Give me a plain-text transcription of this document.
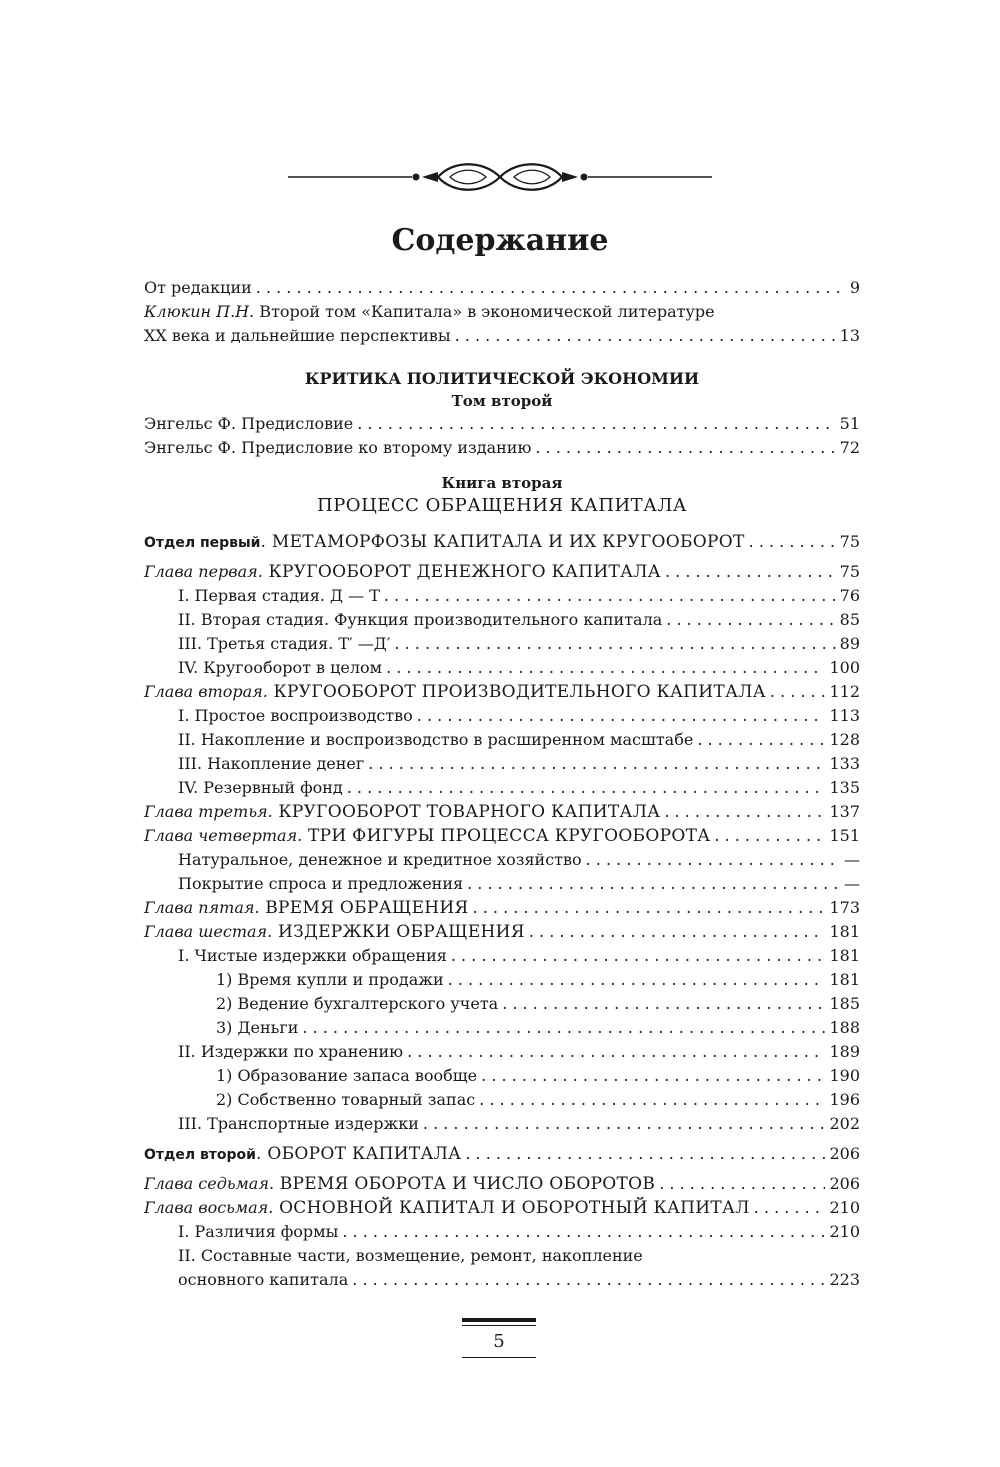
Содержание
От редакции . . .	9
Клюкин П.Н. Второй том «Капитала» в экономической литературе
XX века и дальнейшие перспективы . . .	13
КРИТИКА ПОЛИТИЧЕСКОЙ ЭКОНОМИИ
Том второй
Энгельс Ф. Предисловие . . .	51
Энгельс Ф. Предисловие ко второму изданию . . .	72
Книга вторая
ПРОЦЕСС ОБРАЩЕНИЯ КАПИТАЛА
Отдел первый. МЕТАМОРФОЗЫ КАПИТАЛА И ИХ КРУГООБОРОТ . . .	75
Глава первая. КРУГООБОРОТ ДЕНЕЖНОГО КАПИТАЛА . . .	75
I. Первая стадия. Д — Т . . .	76
II. Вторая стадия. Функция производительного капитала . . .	85
III. Третья стадия. Т′ —Д′ . . .	89
IV. Кругооборот в целом . . .	100
Глава вторая. КРУГООБОРОТ ПРОИЗВОДИТЕЛЬНОГО КАПИТАЛА . . .	112
I. Простое воспроизводство . . .	113
II. Накопление и воспроизводство в расширенном масштабе . . .	128
III. Накопление денег . . .	133
IV. Резервный фонд . . .	135
Глава третья. КРУГООБОРОТ ТОВАРНОГО КАПИТАЛА . . .	137
Глава четвертая. ТРИ ФИГУРЫ ПРОЦЕССА КРУГООБОРОТА . . .	151
Натуральное, денежное и кредитное хозяйство . . .	—
Покрытие спроса и предложения . . .	—
Глава пятая. ВРЕМЯ ОБРАЩЕНИЯ . . .	173
Глава шестая. ИЗДЕРЖКИ ОБРАЩЕНИЯ . . .	181
I. Чистые издержки обращения . . .	181
1) Время купли и продажи . . .	181
2) Ведение бухгалтерского учета . . .	185
3) Деньги . . .	188
II. Издержки по хранению . . .	189
1) Образование запаса вообще . . .	190
2) Собственно товарный запас . . .	196
III. Транспортные издержки . . .	202
Отдел второй. ОБОРОТ КАПИТАЛА . . .	206
Глава седьмая. ВРЕМЯ ОБОРОТА И ЧИСЛО ОБОРОТОВ . . .	206
Глава восьмая. ОСНОВНОЙ КАПИТАЛ И ОБОРОТНЫЙ КАПИТАЛ . . .	210
I. Различия формы . . .	210
II. Составные части, возмещение, ремонт, накопление
основного капитала . . .	223
5
